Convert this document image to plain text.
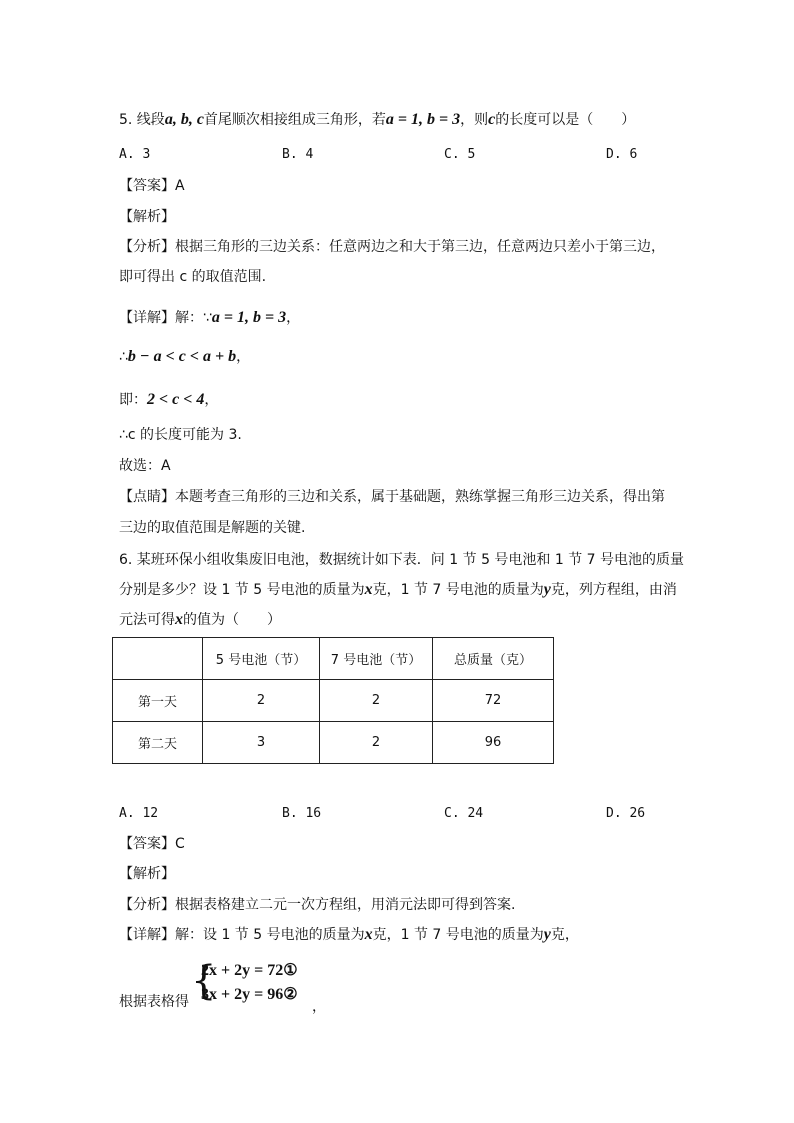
5. 线段a, b, c首尾顺次相接组成三角形，若a = 1, b = 3，则c的长度可以是（　　）
A. 3	B. 4	C. 5	D. 6
【答案】A
【解析】
【分析】根据三角形的三边关系：任意两边之和大于第三边，任意两边只差小于第三边，
即可得出 c 的取值范围.
【详解】解：∵a = 1, b = 3，
∴b − a < c < a + b，
即：2 < c < 4，
∴c 的长度可能为 3.
故选：A
【点睛】本题考查三角形的三边和关系，属于基础题，熟练掌握三角形三边关系，得出第
三边的取值范围是解题的关键.
6. 某班环保小组收集废旧电池，数据统计如下表．问 1 节 5 号电池和 1 节 7 号电池的质量
分别是多少？设 1 节 5 号电池的质量为x克，1 节 7 号电池的质量为y克，列方程组，由消
元法可得x的值为（　　）
	5 号电池（节）	7 号电池（节）	总质量（克）
第一天	2	2	72
第二天	3	2	96
A. 12	B. 16	C. 24	D. 26
【答案】C
【解析】
【分析】根据表格建立二元一次方程组，用消元法即可得到答案.
【详解】解：设 1 节 5 号电池的质量为x克，1 节 7 号电池的质量为y克，
根据表格得 {
2x + 2y = 72①
3x + 2y = 96②
，
